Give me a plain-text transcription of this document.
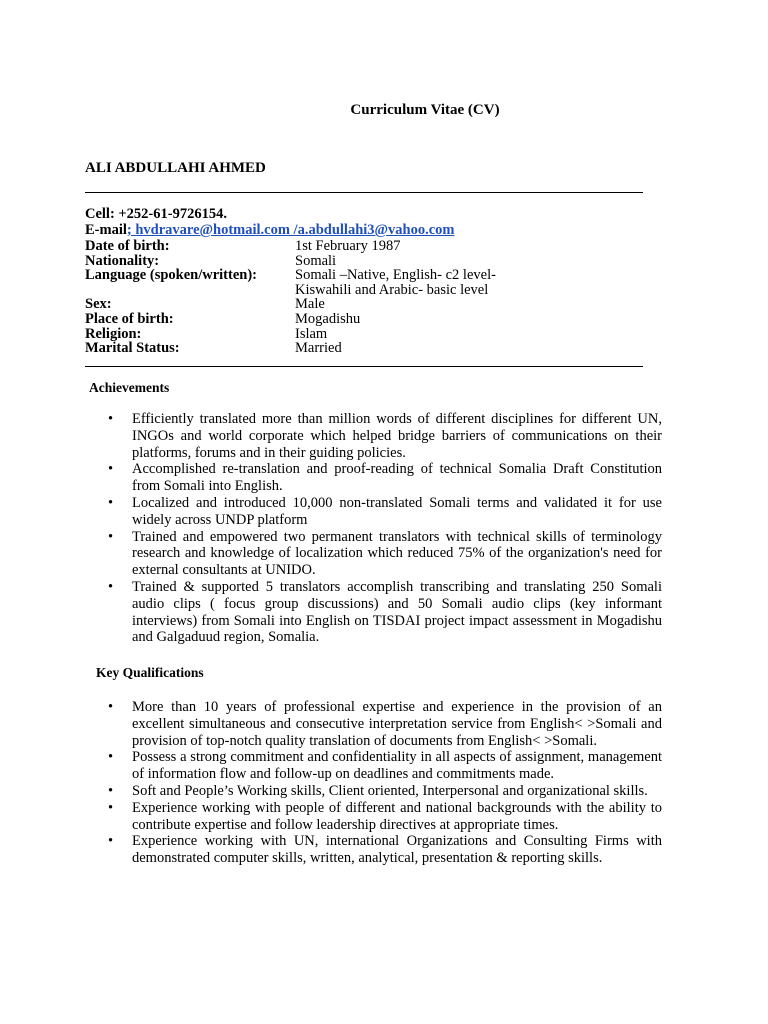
Curriculum Vitae (CV)
ALI ABDULLAHI AHMED
Cell: +252-61-9726154.
E-mail; hvdravare@hotmail.com /a.abdullahi3@vahoo.com
Date of birth:	1st February 1987
Nationality:	Somali
Language (spoken/written):	Somali –Native, English- c2 level-
Kiswahili and Arabic- basic level
Sex:	Male
Place of birth:	Mogadishu
Religion:	Islam
Marital Status:	Married
Achievements
• Efficiently translated more than million words of different disciplines for different UN, INGOs and world corporate which helped bridge barriers of communications on their platforms, forums and in their guiding policies.
• Accomplished re-translation and proof-reading of technical Somalia Draft Constitution from Somali into English.
• Localized and introduced 10,000 non-translated Somali terms and validated it for use widely across UNDP platform
• Trained and empowered two permanent translators with technical skills of terminology research and knowledge of localization which reduced 75% of the organization's need for external consultants at UNIDO.
• Trained & supported 5 translators accomplish transcribing and translating 250 Somali audio clips ( focus group discussions) and 50 Somali audio clips (key informant interviews) from Somali into English on TISDAI project impact assessment in Mogadishu and Galgaduud region, Somalia.
Key Qualifications
• More than 10 years of professional expertise and experience in the provision of an excellent simultaneous and consecutive interpretation service from English< >Somali and provision of top-notch quality translation of documents from English< >Somali.
• Possess a strong commitment and confidentiality in all aspects of assignment, management of information flow and follow-up on deadlines and commitments made.
• Soft and People’s Working skills, Client oriented, Interpersonal and organizational skills.
• Experience working with people of different and national backgrounds with the ability to contribute expertise and follow leadership directives at appropriate times.
• Experience working with UN, international Organizations and Consulting Firms with demonstrated computer skills, written, analytical, presentation & reporting skills.
